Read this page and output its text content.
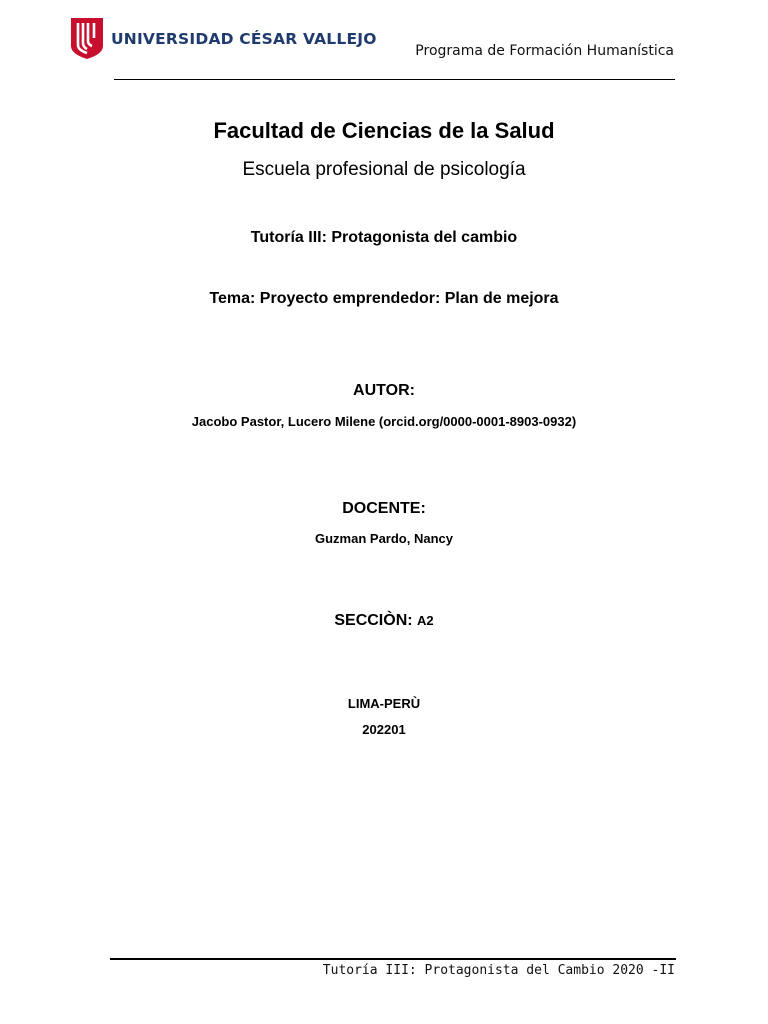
UNIVERSIDAD CÉSAR VALLEJO
Programa de Formación Humanística
Facultad de Ciencias de la Salud
Escuela profesional de psicología
Tutoría III: Protagonista del cambio
Tema: Proyecto emprendedor: Plan de mejora
AUTOR:
Jacobo Pastor, Lucero Milene (orcid.org/0000-0001-8903-0932)
DOCENTE:
Guzman Pardo, Nancy
SECCIÒN: A2
LIMA-PERÙ
202201
Tutoría III: Protagonista del Cambio 2020 -II
